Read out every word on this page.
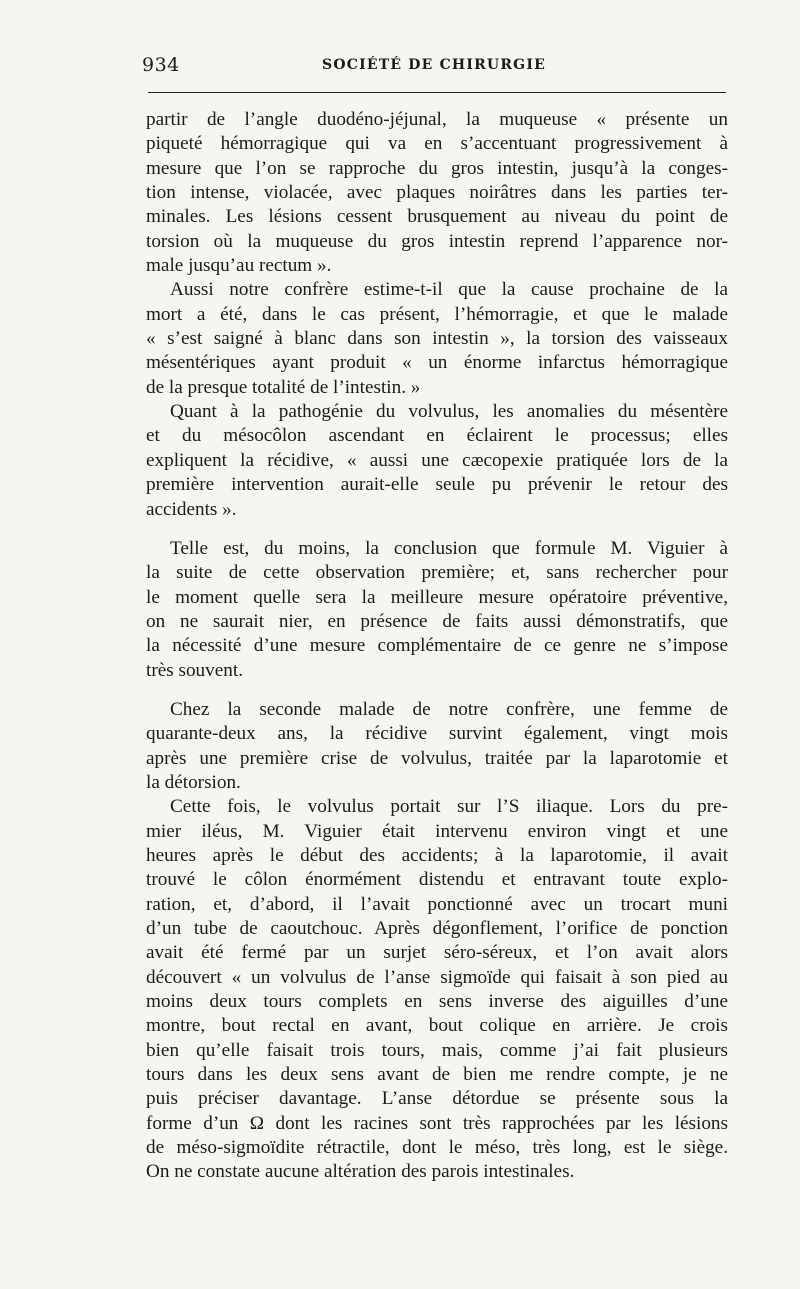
934	SOCIÉTÉ DE CHIRURGIE

partir de l’angle duodéno-jéjunal, la muqueuse « présente un
piqueté hémorragique qui va en s’accentuant progressivement à
mesure que l’on se rapproche du gros intestin, jusqu’à la conges-
tion intense, violacée, avec plaques noirâtres dans les parties ter-
minales. Les lésions cessent brusquement au niveau du point de
torsion où la muqueuse du gros intestin reprend l’apparence nor-
male jusqu’au rectum ».

Aussi notre confrère estime-t-il que la cause prochaine de la
mort a été, dans le cas présent, l’hémorragie, et que le malade
« s’est saigné à blanc dans son intestin », la torsion des vaisseaux
mésentériques ayant produit « un énorme infarctus hémorragique
de la presque totalité de l’intestin. »

Quant à la pathogénie du volvulus, les anomalies du mésentère
et du mésocôlon ascendant en éclairent le processus; elles
expliquent la récidive, « aussi une cæcopexie pratiquée lors de la
première intervention aurait-elle seule pu prévenir le retour des
accidents ».

Telle est, du moins, la conclusion que formule M. Viguier à
la suite de cette observation première; et, sans rechercher pour
le moment quelle sera la meilleure mesure opératoire préventive,
on ne saurait nier, en présence de faits aussi démonstratifs, que
la nécessité d’une mesure complémentaire de ce genre ne s’impose
très souvent.

Chez la seconde malade de notre confrère, une femme de
quarante-deux ans, la récidive survint également, vingt mois
après une première crise de volvulus, traitée par la laparotomie et
la détorsion.

Cette fois, le volvulus portait sur l’S iliaque. Lors du pre-
mier iléus, M. Viguier était intervenu environ vingt et une
heures après le début des accidents; à la laparotomie, il avait
trouvé le côlon énormément distendu et entravant toute explo-
ration, et, d’abord, il l’avait ponctionné avec un trocart muni
d’un tube de caoutchouc. Après dégonflement, l’orifice de ponction
avait été fermé par un surjet séro-séreux, et l’on avait alors
découvert « un volvulus de l’anse sigmoïde qui faisait à son pied au
moins deux tours complets en sens inverse des aiguilles d’une
montre, bout rectal en avant, bout colique en arrière. Je crois
bien qu’elle faisait trois tours, mais, comme j’ai fait plusieurs
tours dans les deux sens avant de bien me rendre compte, je ne
puis préciser davantage. L’anse détordue se présente sous la
forme d’un Ω dont les racines sont très rapprochées par les lésions
de méso-sigmoïdite rétractile, dont le méso, très long, est le siège.
On ne constate aucune altération des parois intestinales.
